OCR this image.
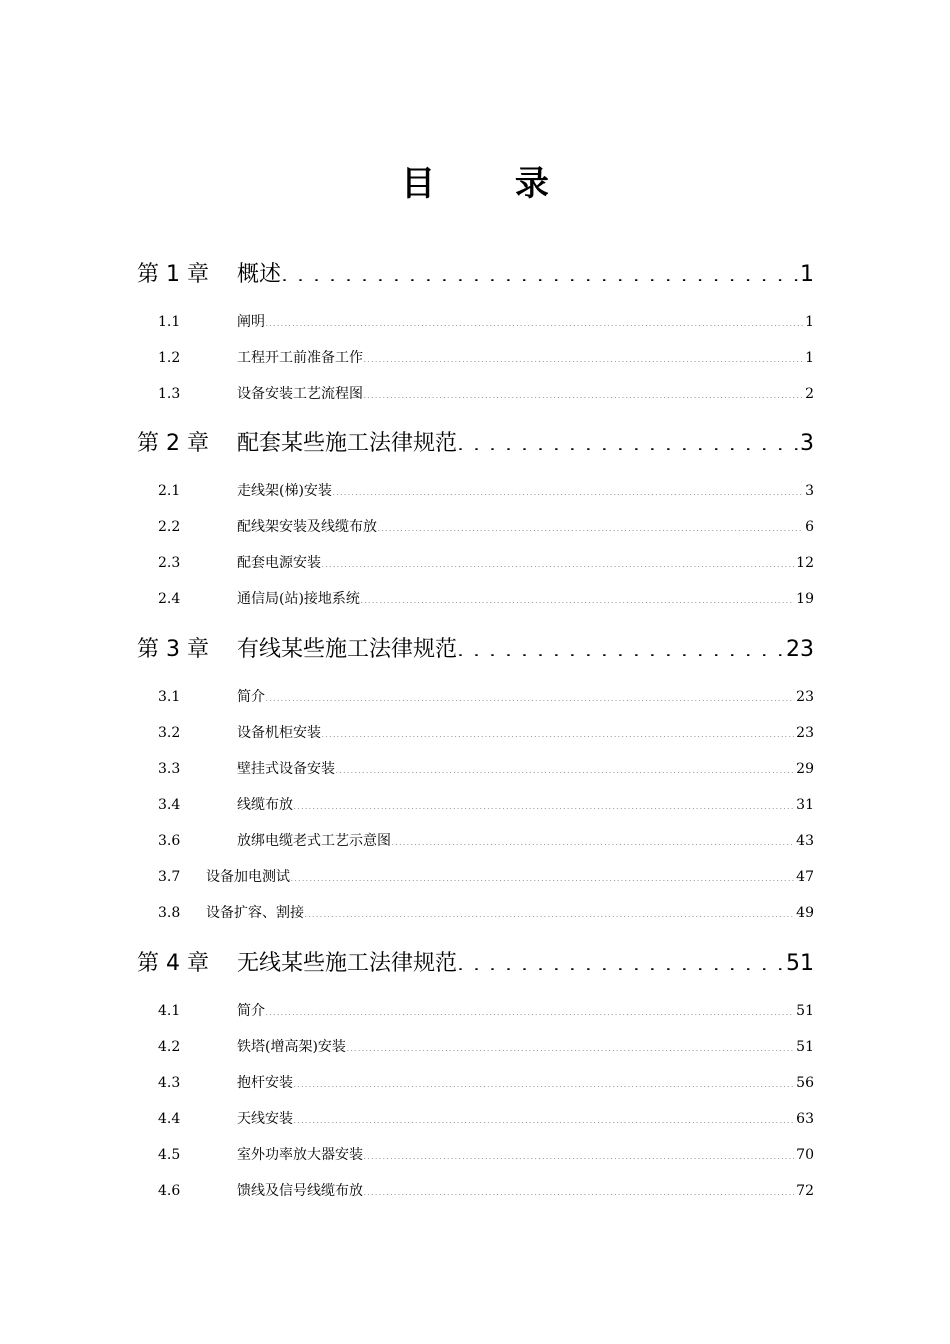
目 录
第 1 章	概述 . . .	1
1.1	阐明 .....	1
1.2	工程开工前准备工作 .....	1
1.3	设备安装工艺流程图 .....	2
第 2 章	配套某些施工法律规范 . . .	3
2.1	走线架(梯)安装 .....	3
2.2	配线架安装及线缆布放 .....	6
2.3	配套电源安装 .....	12
2.4	通信局(站)接地系统 .....	19
第 3 章	有线某些施工法律规范 . . .	23
3.1	简介 .....	23
3.2	设备机柜安装 .....	23
3.3	壁挂式设备安装 .....	29
3.4	线缆布放 .....	31
3.6	放绑电缆老式工艺示意图 .....	43
3.7	设备加电测试 .....	47
3.8	设备扩容、割接 .....	49
第 4 章	无线某些施工法律规范 . . .	51
4.1	简介 .....	51
4.2	铁塔(增高架)安装 .....	51
4.3	抱杆安装 .....	56
4.4	天线安装 .....	63
4.5	室外功率放大器安装 .....	70
4.6	馈线及信号线缆布放 .....	72
